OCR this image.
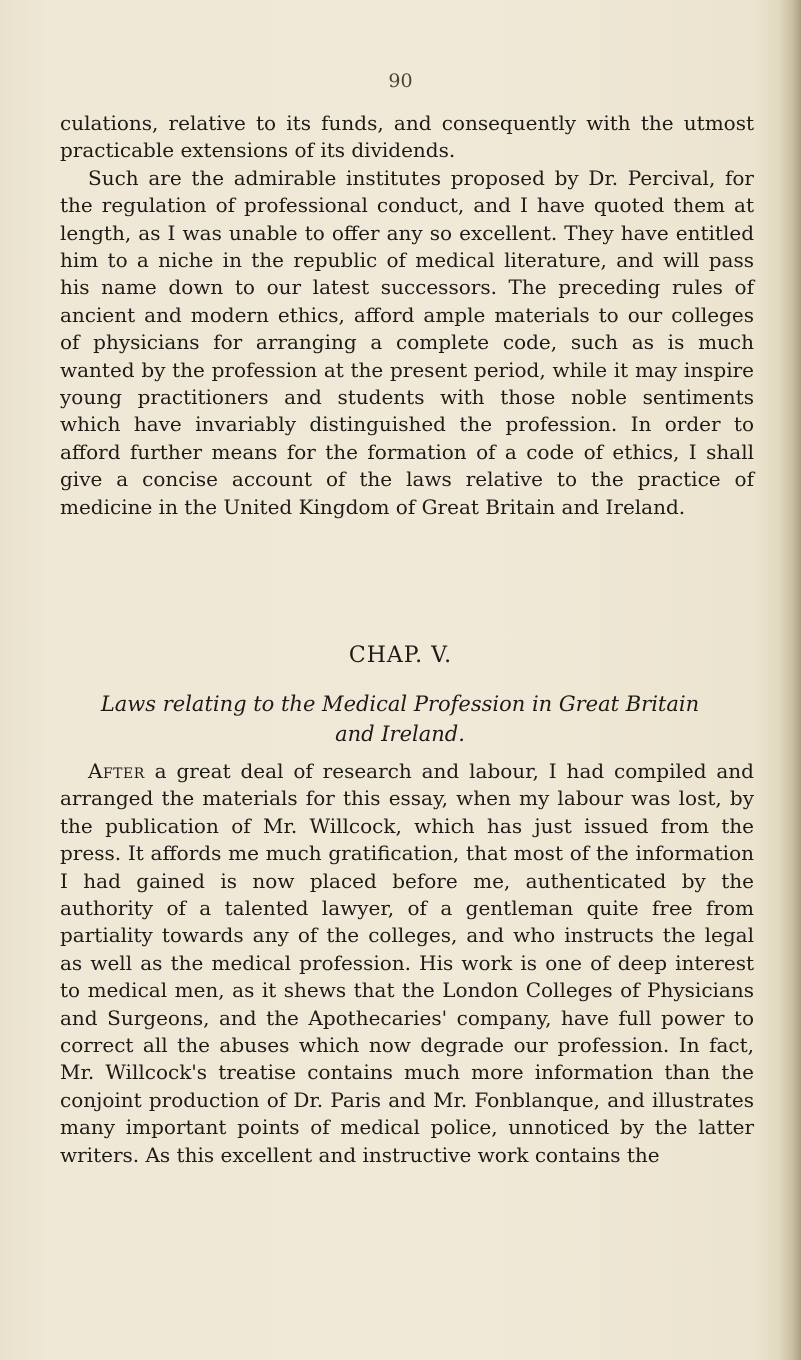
90

culations, relative to its funds, and consequently with the utmost practicable extensions of its dividends.

Such are the admirable institutes proposed by Dr. Percival, for the regulation of professional conduct, and I have quoted them at length, as I was unable to offer any so excellent. They have entitled him to a niche in the republic of medical literature, and will pass his name down to our latest successors. The preceding rules of ancient and modern ethics, afford ample materials to our colleges of physicians for arranging a complete code, such as is much wanted by the profession at the present period, while it may inspire young practitioners and students with those noble sentiments which have invariably distinguished the profession. In order to afford further means for the formation of a code of ethics, I shall give a concise account of the laws relative to the practice of medicine in the United Kingdom of Great Britain and Ireland.

CHAP. V.
Laws relating to the Medical Profession in Great Britain and Ireland.

After a great deal of research and labour, I had compiled and arranged the materials for this essay, when my labour was lost, by the publication of Mr. Willcock, which has just issued from the press. It affords me much gratification, that most of the information I had gained is now placed before me, authenticated by the authority of a talented lawyer, of a gentleman quite free from partiality towards any of the colleges, and who instructs the legal as well as the medical profession. His work is one of deep interest to medical men, as it shews that the London Colleges of Physicians and Surgeons, and the Apothecaries' company, have full power to correct all the abuses which now degrade our profession. In fact, Mr. Willcock's treatise contains much more information than the conjoint production of Dr. Paris and Mr. Fonblanque, and illustrates many important points of medical police, unnoticed by the latter writers. As this excellent and instructive work contains the
